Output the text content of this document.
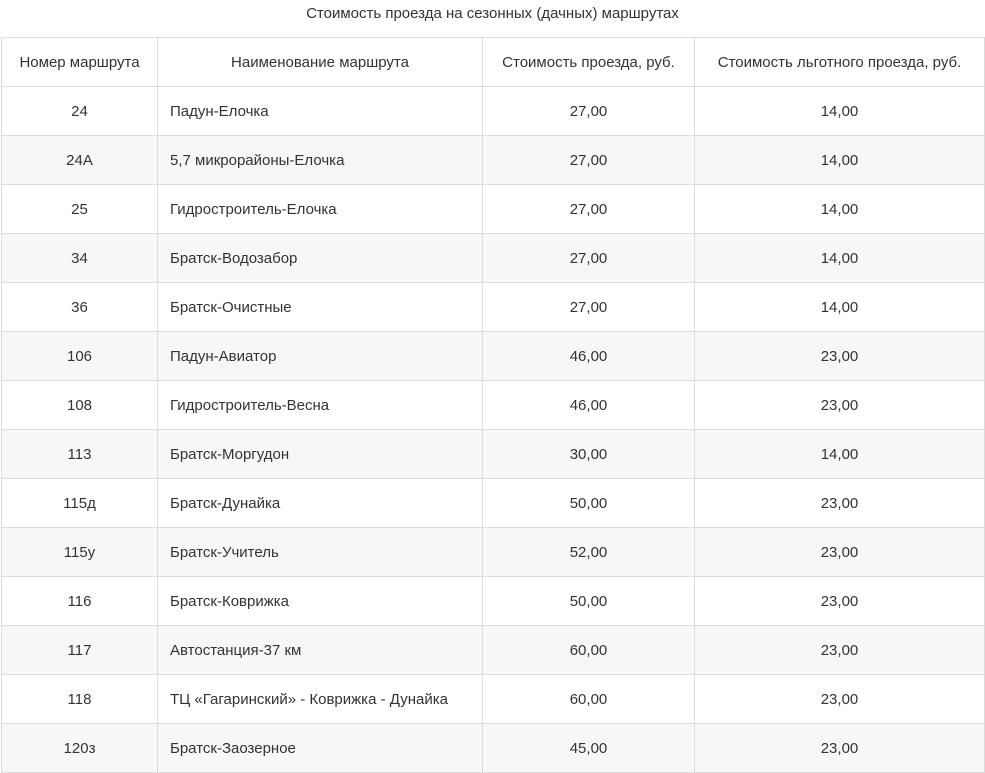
Стоимость проезда на сезонных (дачных) маршрутах
Номер маршрута	Наименование маршрута	Стоимость проезда, руб.	Стоимость льготного проезда, руб.
24	Падун-Елочка	27,00	14,00
24А	5,7 микрорайоны-Елочка	27,00	14,00
25	Гидростроитель-Елочка	27,00	14,00
34	Братск-Водозабор	27,00	14,00
36	Братск-Очистные	27,00	14,00
106	Падун-Авиатор	46,00	23,00
108	Гидростроитель-Весна	46,00	23,00
113	Братск-Моргудон	30,00	14,00
115д	Братск-Дунайка	50,00	23,00
115у	Братск-Учитель	52,00	23,00
116	Братск-Коврижка	50,00	23,00
117	Автостанция-37 км	60,00	23,00
118	ТЦ «Гагаринский» - Коврижка - Дунайка	60,00	23,00
120з	Братск-Заозерное	45,00	23,00
